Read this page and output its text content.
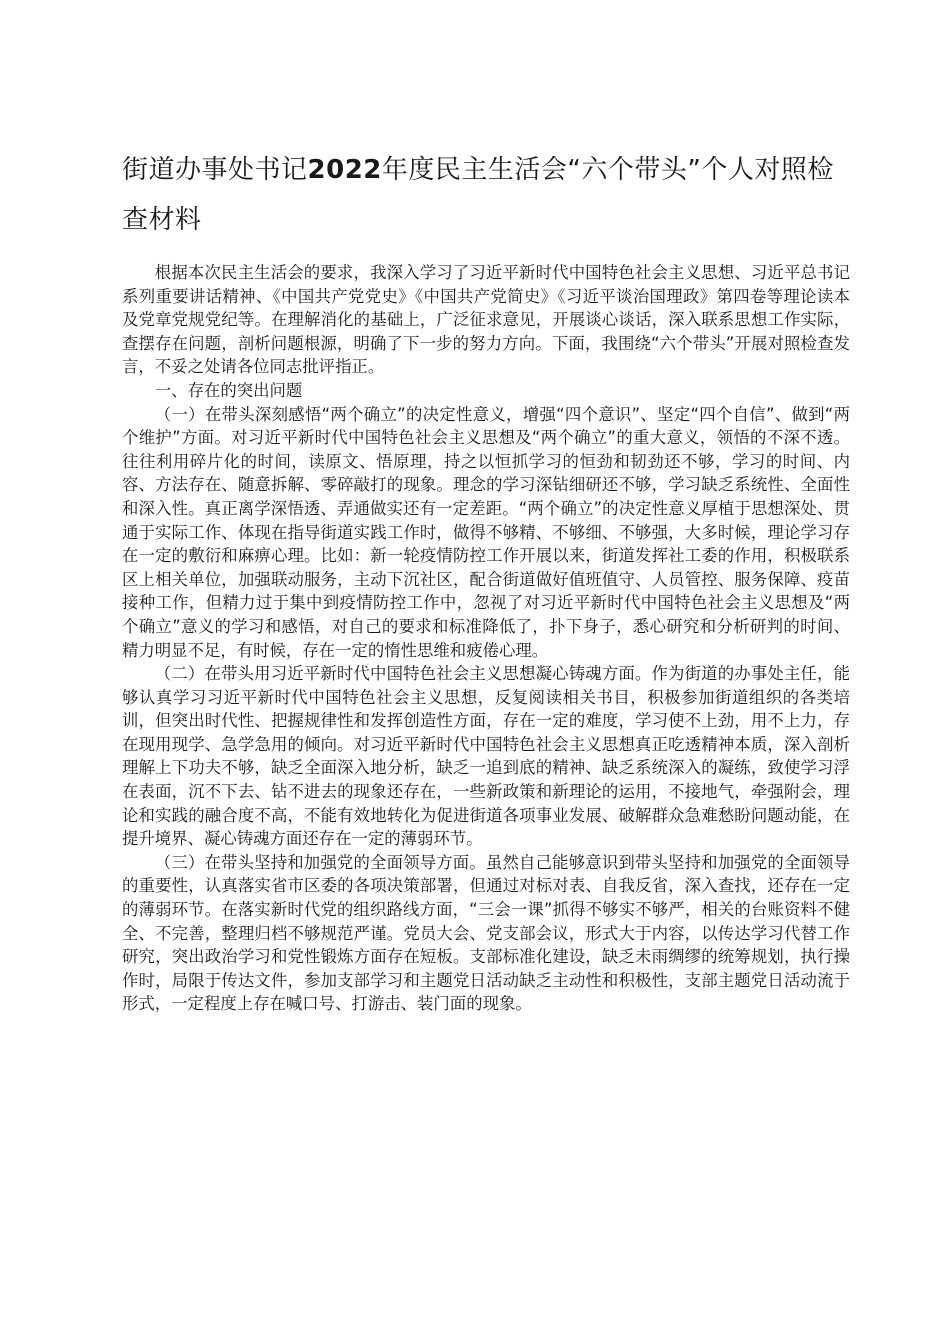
街道办事处书记2022年度民主生活会“六个带头”个人对照检查材料

根据本次民主生活会的要求，我深入学习了习近平新时代中国特色社会主义思想、习近平总书记系列重要讲话精神、《中国共产党党史》《中国共产党简史》《习近平谈治国理政》第四卷等理论读本及党章党规党纪等。在理解消化的基础上，广泛征求意见，开展谈心谈话，深入联系思想工作实际，查摆存在问题，剖析问题根源，明确了下一步的努力方向。下面，我围绕“六个带头”开展对照检查发言，不妥之处请各位同志批评指正。

一、存在的突出问题

（一）在带头深刻感悟“两个确立”的决定性意义，增强“四个意识”、坚定“四个自信”、做到“两个维护”方面。对习近平新时代中国特色社会主义思想及“两个确立”的重大意义，领悟的不深不透。往往利用碎片化的时间，读原文、悟原理，持之以恒抓学习的恒劲和韧劲还不够，学习的时间、内容、方法存在、随意拆解、零碎敲打的现象。理念的学习深钻细研还不够，学习缺乏系统性、全面性和深入性。真正离学深悟透、弄通做实还有一定差距。“两个确立”的决定性意义厚植于思想深处、贯通于实际工作、体现在指导街道实践工作时，做得不够精、不够细、不够强，大多时候，理论学习存在一定的敷衍和麻痹心理。比如：新一轮疫情防控工作开展以来，街道发挥社工委的作用，积极联系区上相关单位，加强联动服务，主动下沉社区，配合街道做好值班值守、人员管控、服务保障、疫苗接种工作，但精力过于集中到疫情防控工作中，忽视了对习近平新时代中国特色社会主义思想及“两个确立”意义的学习和感悟，对自己的要求和标准降低了，扑下身子，悉心研究和分析研判的时间、精力明显不足，有时候，存在一定的惰性思维和疲倦心理。

（二）在带头用习近平新时代中国特色社会主义思想凝心铸魂方面。作为街道的办事处主任，能够认真学习习近平新时代中国特色社会主义思想，反复阅读相关书目，积极参加街道组织的各类培训，但突出时代性、把握规律性和发挥创造性方面，存在一定的难度，学习使不上劲，用不上力，存在现用现学、急学急用的倾向。对习近平新时代中国特色社会主义思想真正吃透精神本质，深入剖析理解上下功夫不够，缺乏全面深入地分析，缺乏一追到底的精神、缺乏系统深入的凝练，致使学习浮在表面，沉不下去、钻不进去的现象还存在，一些新政策和新理论的运用，不接地气，牵强附会，理论和实践的融合度不高，不能有效地转化为促进街道各项事业发展、破解群众急难愁盼问题动能，在提升境界、凝心铸魂方面还存在一定的薄弱环节。

（三）在带头坚持和加强党的全面领导方面。虽然自己能够意识到带头坚持和加强党的全面领导的重要性，认真落实省市区委的各项决策部署，但通过对标对表、自我反省，深入查找，还存在一定的薄弱环节。在落实新时代党的组织路线方面，“三会一课”抓得不够实不够严，相关的台账资料不健全、不完善，整理归档不够规范严谨。党员大会、党支部会议，形式大于内容，以传达学习代替工作研究，突出政治学习和党性锻炼方面存在短板。支部标准化建设，缺乏未雨绸缪的统筹规划，执行操作时，局限于传达文件，参加支部学习和主题党日活动缺乏主动性和积极性，支部主题党日活动流于形式，一定程度上存在喊口号、打游击、装门面的现象。
